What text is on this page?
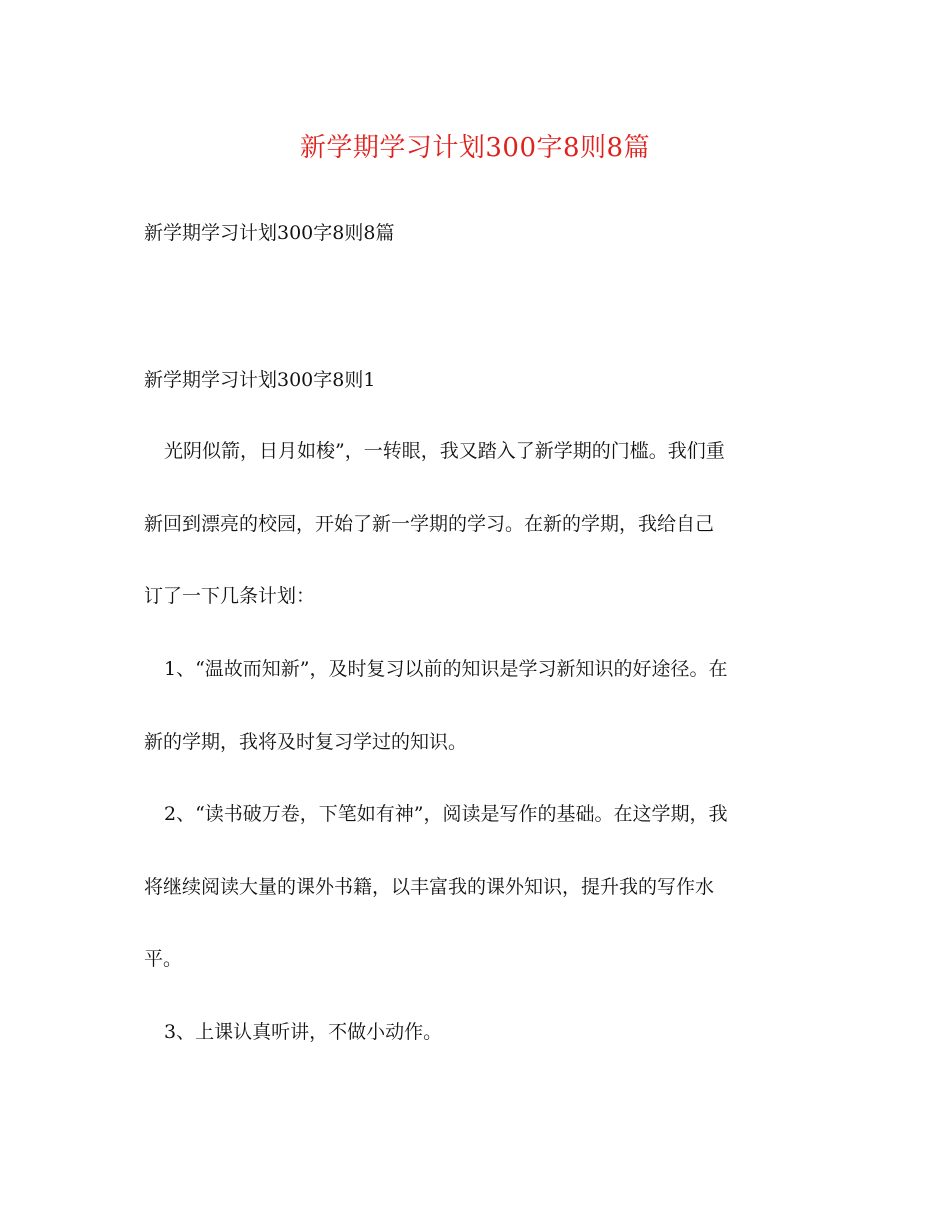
新学期学习计划300字8则8篇
新学期学习计划300字8则8篇
新学期学习计划300字8则1
光阴似箭，日月如梭”，一转眼，我又踏入了新学期的门槛。我们重
新回到漂亮的校园，开始了新一学期的学习。在新的学期，我给自己
订了一下几条计划：
1、“温故而知新”，及时复习以前的知识是学习新知识的好途径。在
新的学期，我将及时复习学过的知识。
2、“读书破万卷，下笔如有神”，阅读是写作的基础。在这学期，我
将继续阅读大量的课外书籍，以丰富我的课外知识，提升我的写作水
平。
3、上课认真听讲，不做小动作。
